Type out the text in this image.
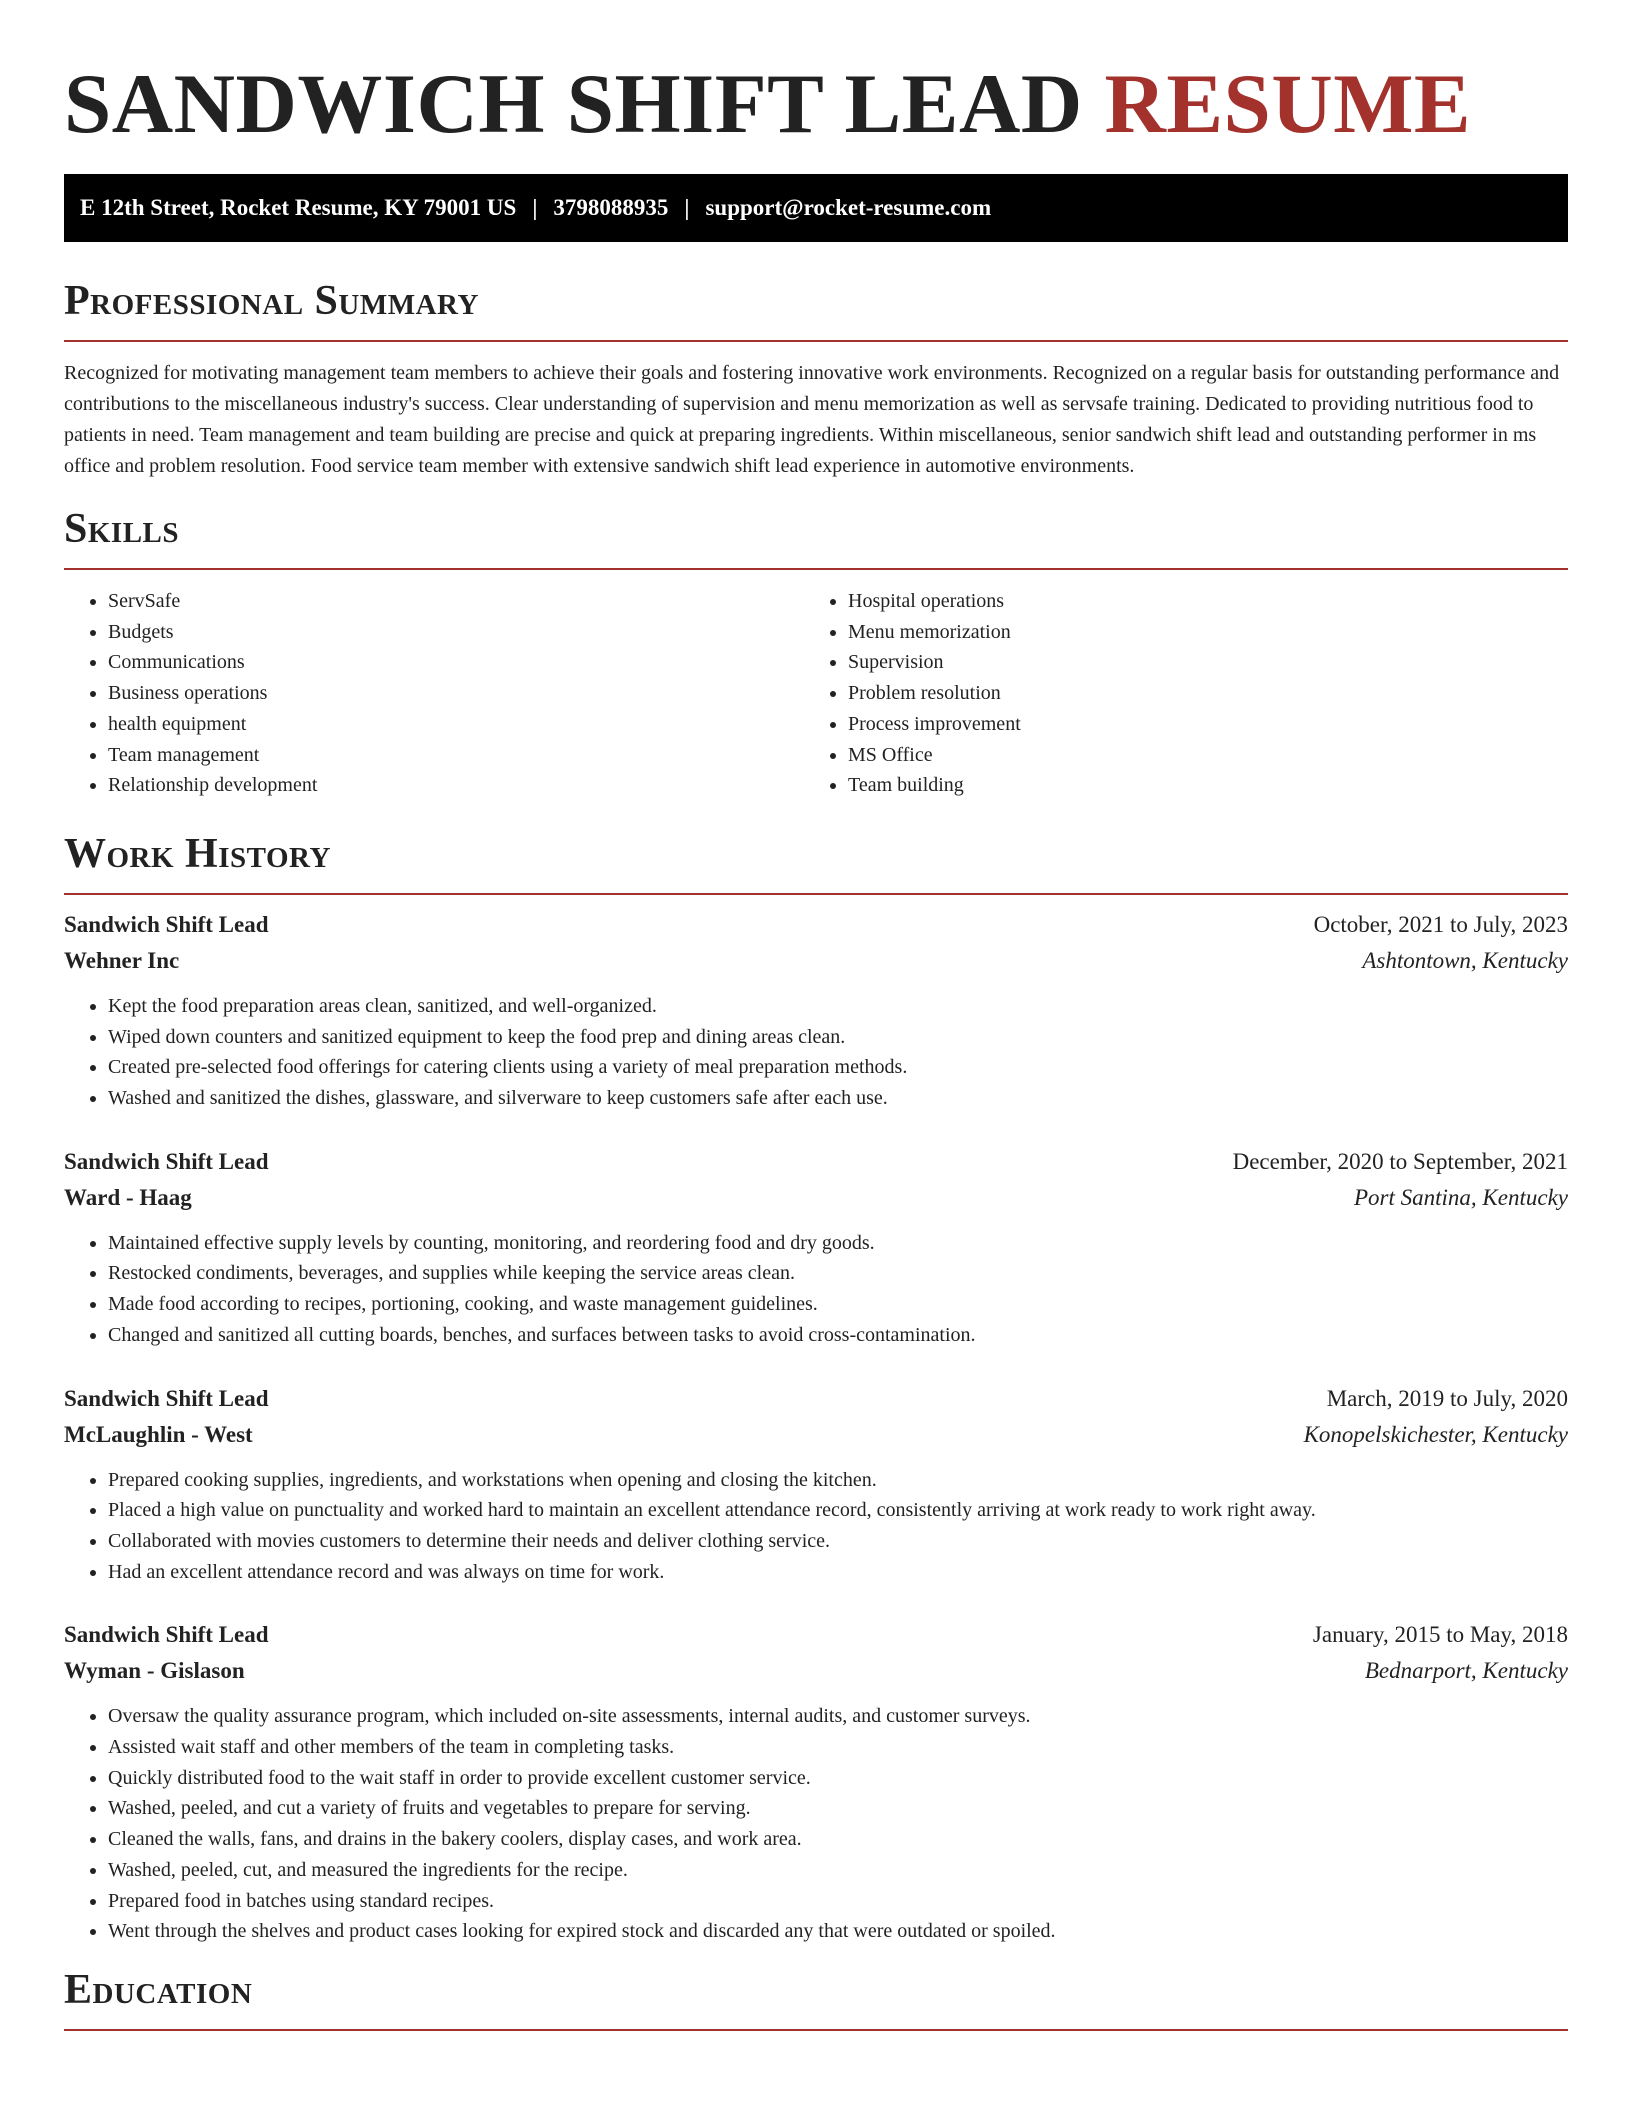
SANDWICH SHIFT LEAD RESUME
E 12th Street, Rocket Resume, KY 79001 US | 3798088935 | support@rocket-resume.com
Professional Summary

Recognized for motivating management team members to achieve their goals and fostering innovative work environments. Recognized on a regular basis for outstanding performance and contributions to the miscellaneous industry's success. Clear understanding of supervision and menu memorization as well as servsafe training. Dedicated to providing nutritious food to patients in need. Team management and team building are precise and quick at preparing ingredients. Within miscellaneous, senior sandwich shift lead and outstanding performer in ms office and problem resolution. Food service team member with extensive sandwich shift lead experience in automotive environments.

Skills
• ServSafe
• Budgets
• Communications
• Business operations
• health equipment
• Team management
• Relationship development
• Hospital operations
• Menu memorization
• Supervision
• Problem resolution
• Process improvement
• MS Office
• Team building
Work History
Sandwich Shift Lead	October, 2021 to July, 2023
Wehner Inc	Ashtontown, Kentucky
• Kept the food preparation areas clean, sanitized, and well-organized.
• Wiped down counters and sanitized equipment to keep the food prep and dining areas clean.
• Created pre-selected food offerings for catering clients using a variety of meal preparation methods.
• Washed and sanitized the dishes, glassware, and silverware to keep customers safe after each use.
Sandwich Shift Lead	December, 2020 to September, 2021
Ward - Haag	Port Santina, Kentucky
• Maintained effective supply levels by counting, monitoring, and reordering food and dry goods.
• Restocked condiments, beverages, and supplies while keeping the service areas clean.
• Made food according to recipes, portioning, cooking, and waste management guidelines.
• Changed and sanitized all cutting boards, benches, and surfaces between tasks to avoid cross-contamination.
Sandwich Shift Lead	March, 2019 to July, 2020
McLaughlin - West	Konopelskichester, Kentucky
• Prepared cooking supplies, ingredients, and workstations when opening and closing the kitchen.
• Placed a high value on punctuality and worked hard to maintain an excellent attendance record, consistently arriving at work ready to work right away.
• Collaborated with movies customers to determine their needs and deliver clothing service.
• Had an excellent attendance record and was always on time for work.
Sandwich Shift Lead	January, 2015 to May, 2018
Wyman - Gislason	Bednarport, Kentucky
• Oversaw the quality assurance program, which included on-site assessments, internal audits, and customer surveys.
• Assisted wait staff and other members of the team in completing tasks.
• Quickly distributed food to the wait staff in order to provide excellent customer service.
• Washed, peeled, and cut a variety of fruits and vegetables to prepare for serving.
• Cleaned the walls, fans, and drains in the bakery coolers, display cases, and work area.
• Washed, peeled, cut, and measured the ingredients for the recipe.
• Prepared food in batches using standard recipes.
• Went through the shelves and product cases looking for expired stock and discarded any that were outdated or spoiled.
Education
